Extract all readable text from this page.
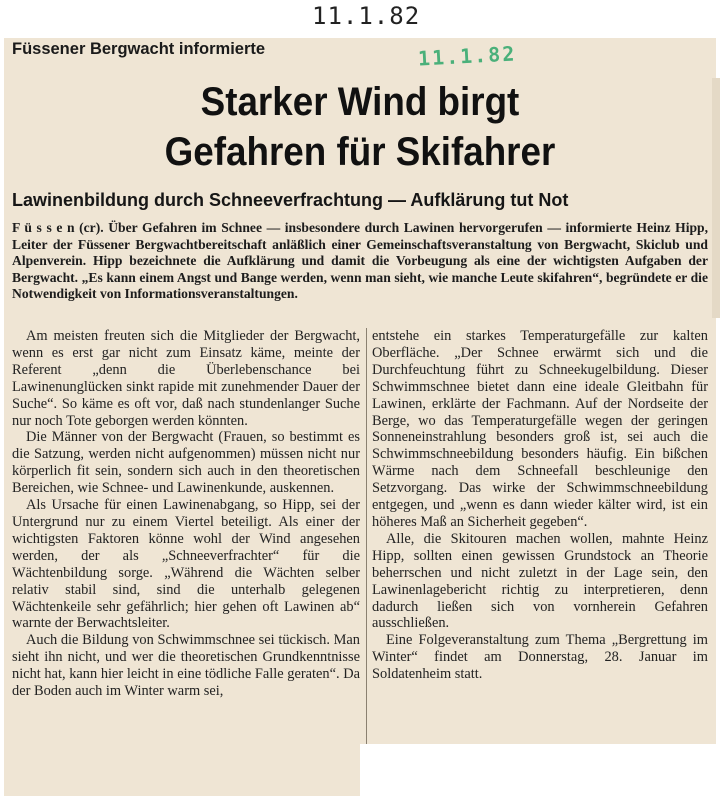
11.1.82
Füssener Bergwacht informierte
Starker Wind birgt
Gefahren für Skifahrer
Lawinenbildung durch Schneeverfrachtung — Aufklärung tut Not

F ü s s e n (cr). Über Gefahren im Schnee — insbesondere durch Lawinen hervorgerufen — informierte Heinz Hipp, Leiter der Füssener Bergwachtbereitschaft anläßlich einer Gemeinschaftsveranstaltung von Bergwacht, Skiclub und Alpenverein. Hipp bezeichnete die Aufklärung und damit die Vorbeugung als eine der wichtigsten Aufgaben der Bergwacht. „Es kann einem Angst und Bange werden, wenn man sieht, wie manche Leute skifahren“, begründete er die Notwendigkeit von Informationsveranstaltungen.

Am meisten freuten sich die Mitglieder der Bergwacht, wenn es erst gar nicht zum Einsatz käme, meinte der Referent „denn die Überlebenschance bei Lawinenunglücken sinkt rapide mit zunehmender Dauer der Suche“. So käme es oft vor, daß nach stundenlanger Suche nur noch Tote geborgen werden könnten.

Die Männer von der Bergwacht (Frauen, so bestimmt es die Satzung, werden nicht aufgenommen) müssen nicht nur körperlich fit sein, sondern sich auch in den theoretischen Bereichen, wie Schnee- und Lawinenkunde, auskennen.

Als Ursache für einen Lawinenabgang, so Hipp, sei der Untergrund nur zu einem Viertel beteiligt. Als einer der wichtigsten Faktoren könne wohl der Wind angesehen werden, der als „Schneeverfrachter“ für die Wächtenbildung sorge. „Während die Wächten selber relativ stabil sind, sind die unterhalb gelegenen Wächtenkeile sehr gefährlich; hier gehen oft Lawinen ab“ warnte der Berwachtsleiter.

Auch die Bildung von Schwimmschnee sei tückisch. Man sieht ihn nicht, und wer die theoretischen Grundkenntnisse nicht hat, kann hier leicht in eine tödliche Falle geraten“. Da der Boden auch im Winter warm sei,

entstehe ein starkes Temperaturgefälle zur kalten Oberfläche. „Der Schnee erwärmt sich und die Durchfeuchtung führt zu Schneekugelbildung. Dieser Schwimmschnee bietet dann eine ideale Gleitbahn für Lawinen, erklärte der Fachmann. Auf der Nordseite der Berge, wo das Temperaturgefälle wegen der geringen Sonneneinstrahlung besonders groß ist, sei auch die Schwimmschneebildung besonders häufig. Ein bißchen Wärme nach dem Schneefall beschleunige den Setzvorgang. Das wirke der Schwimmschneebildung entgegen, und „wenn es dann wieder kälter wird, ist ein höheres Maß an Sicherheit gegeben“.

Alle, die Skitouren machen wollen, mahnte Heinz Hipp, sollten einen gewissen Grundstock an Theorie beherrschen und nicht zuletzt in der Lage sein, den Lawinenlagebericht richtig zu interpretieren, denn dadurch ließen sich von vornherein Gefahren ausschließen.

Eine Folgeveranstaltung zum Thema „Bergrettung im Winter“ findet am Donnerstag, 28. Januar im Soldatenheim statt.

11.1.82
